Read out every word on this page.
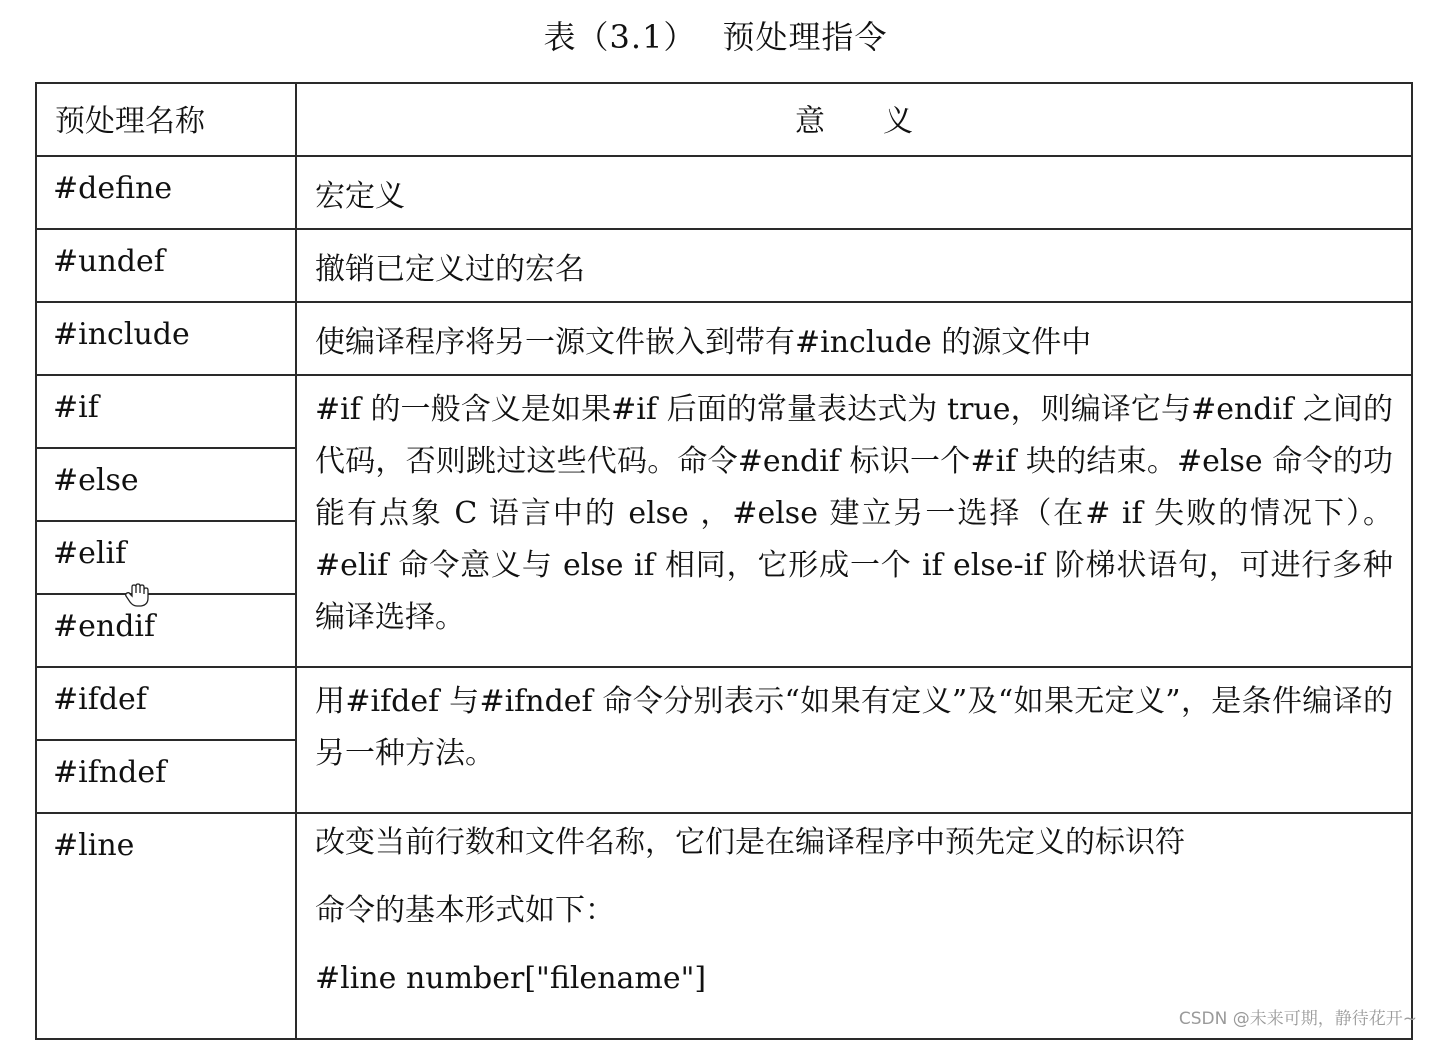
表（3.1） 预处理指令
预处理名称	意 义
#define	宏定义
#undef	撤销已定义过的宏名
#include	使编译程序将另一源文件嵌入到带有#include 的源文件中
#if	#if 的一般含义是如果#if 后面的常量表达式为 true，则编译它与#endif 之间的代码，否则跳过这些代码。命令#endif 标识一个#if 块的结束。#else 命令的功能有点象 C 语言中的 else ，#else 建立另一选择（在# if 失败的情况下）。#elif 命令意义与 else if 相同，它形成一个 if else-if 阶梯状语句，可进行多种编译选择。

#else	
#elif	
#endif	
#ifdef	用#ifdef 与#ifndef 命令分别表示“如果有定义”及“如果无定义”，是条件编译的另一种方法。

#ifndef	
#line	改变当前行数和文件名称，它们是在编译程序中预先定义的标识符
命令的基本形式如下：
#line number["filename"]
CSDN @未来可期，静待花开~
